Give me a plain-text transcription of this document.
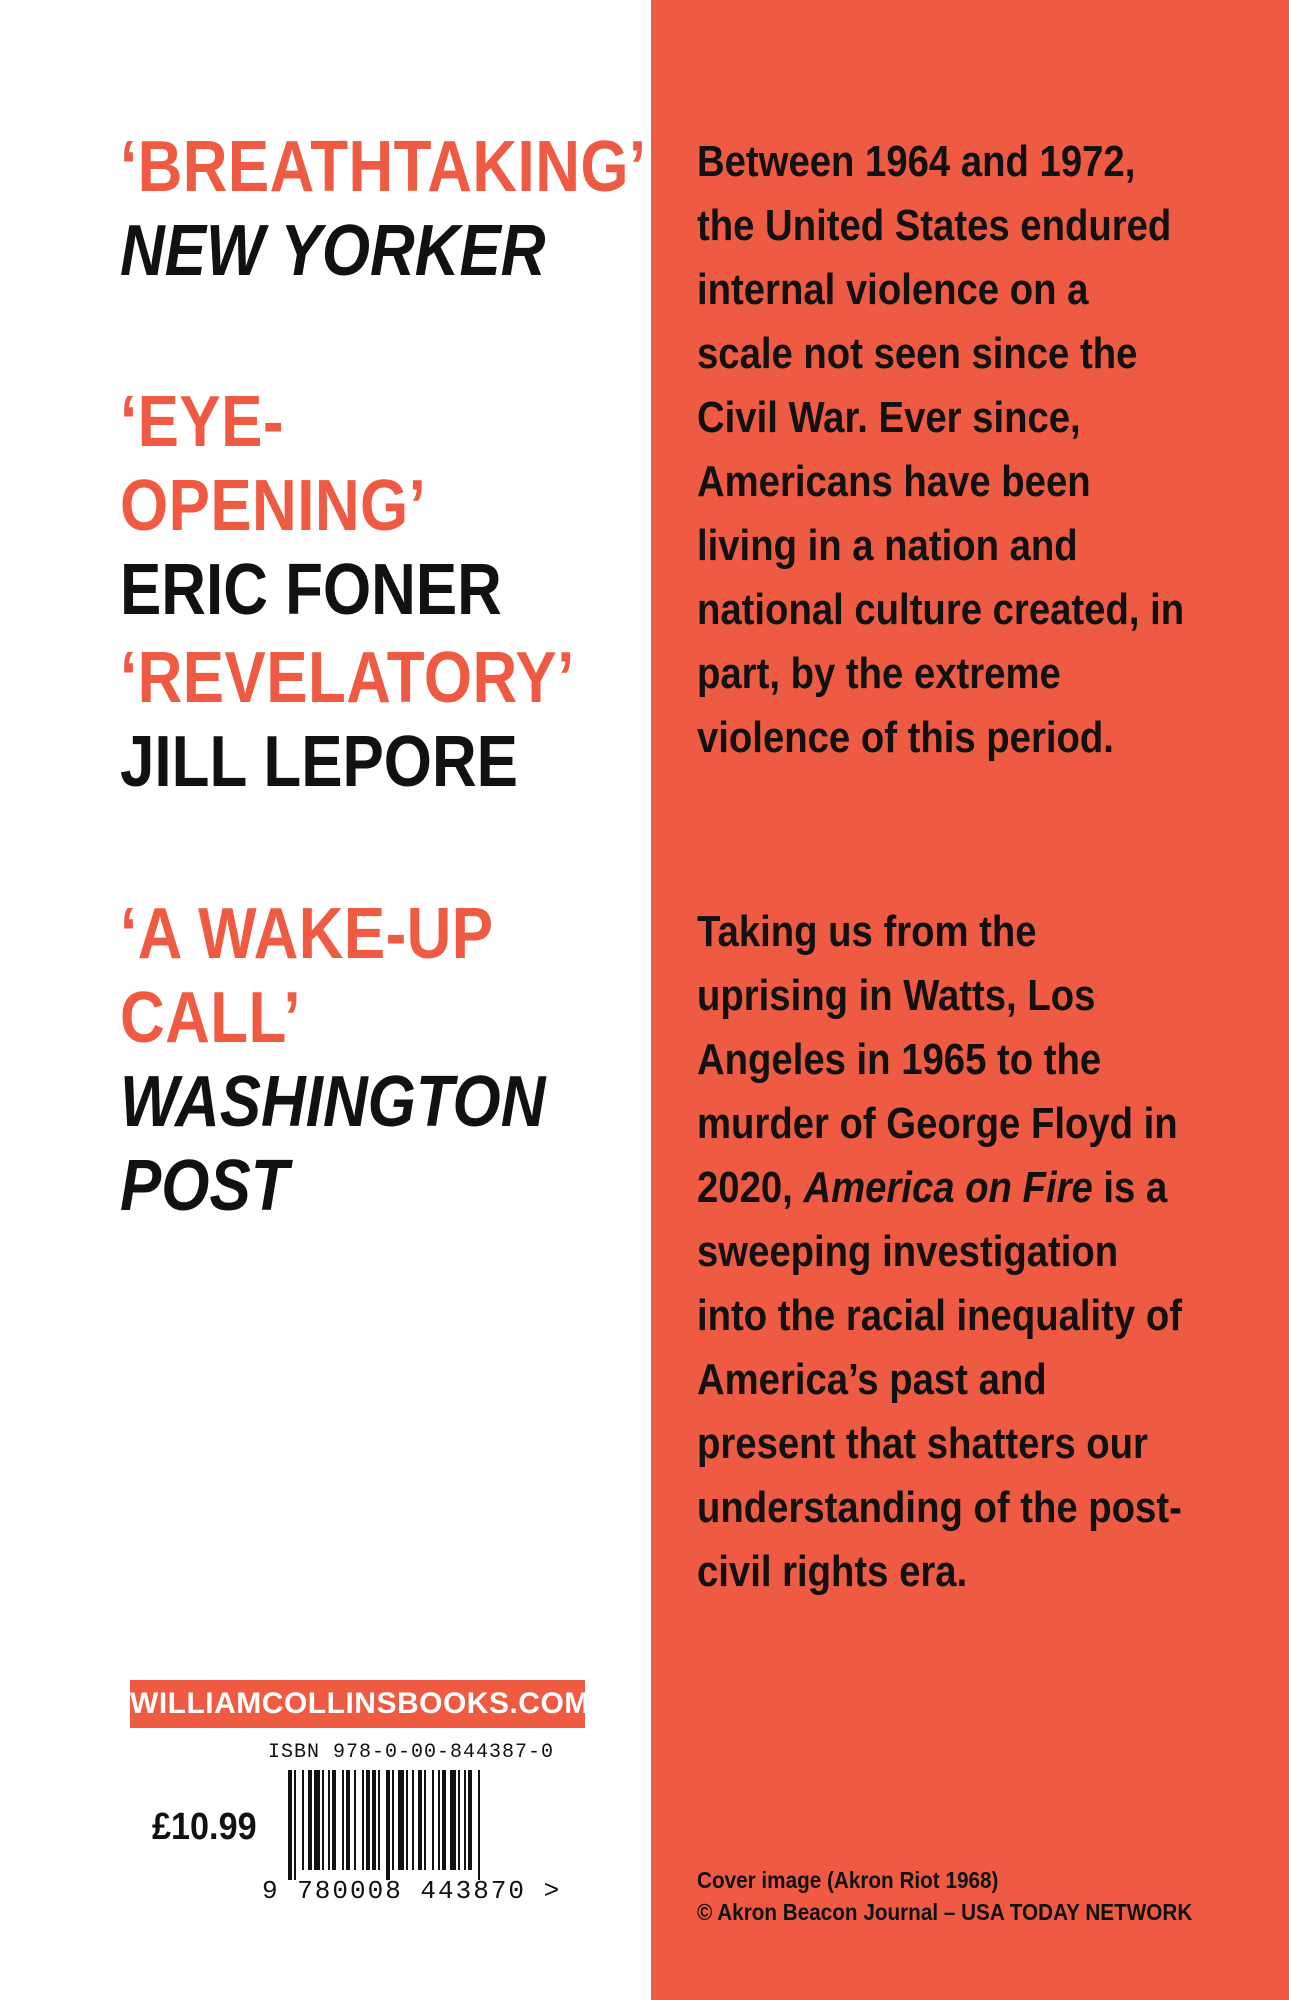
‘BREATHTAKING’
NEW YORKER
‘EYE-OPENING’
ERIC FONER
‘REVELATORY’
JILL LEPORE
‘A WAKE-UP
CALL’
WASHINGTON
POST
WILLIAMCOLLINSBOOKS.COM
ISBN 978-0-00-844387-0
£10.99
9 780008 443870 >

Between 1964 and 1972, the United States endured internal violence on a scale not seen since the Civil War. Ever since, Americans have been living in a nation and national culture created, in part, by the extreme violence of this period.

Taking us from the uprising in Watts, Los Angeles in 1965 to the murder of George Floyd in 2020, America on Fire is a sweeping investigation into the racial inequality of America’s past and present that shatters our understanding of the post-civil rights era.

Cover image (Akron Riot 1968)
© Akron Beacon Journal – USA TODAY NETWORK
